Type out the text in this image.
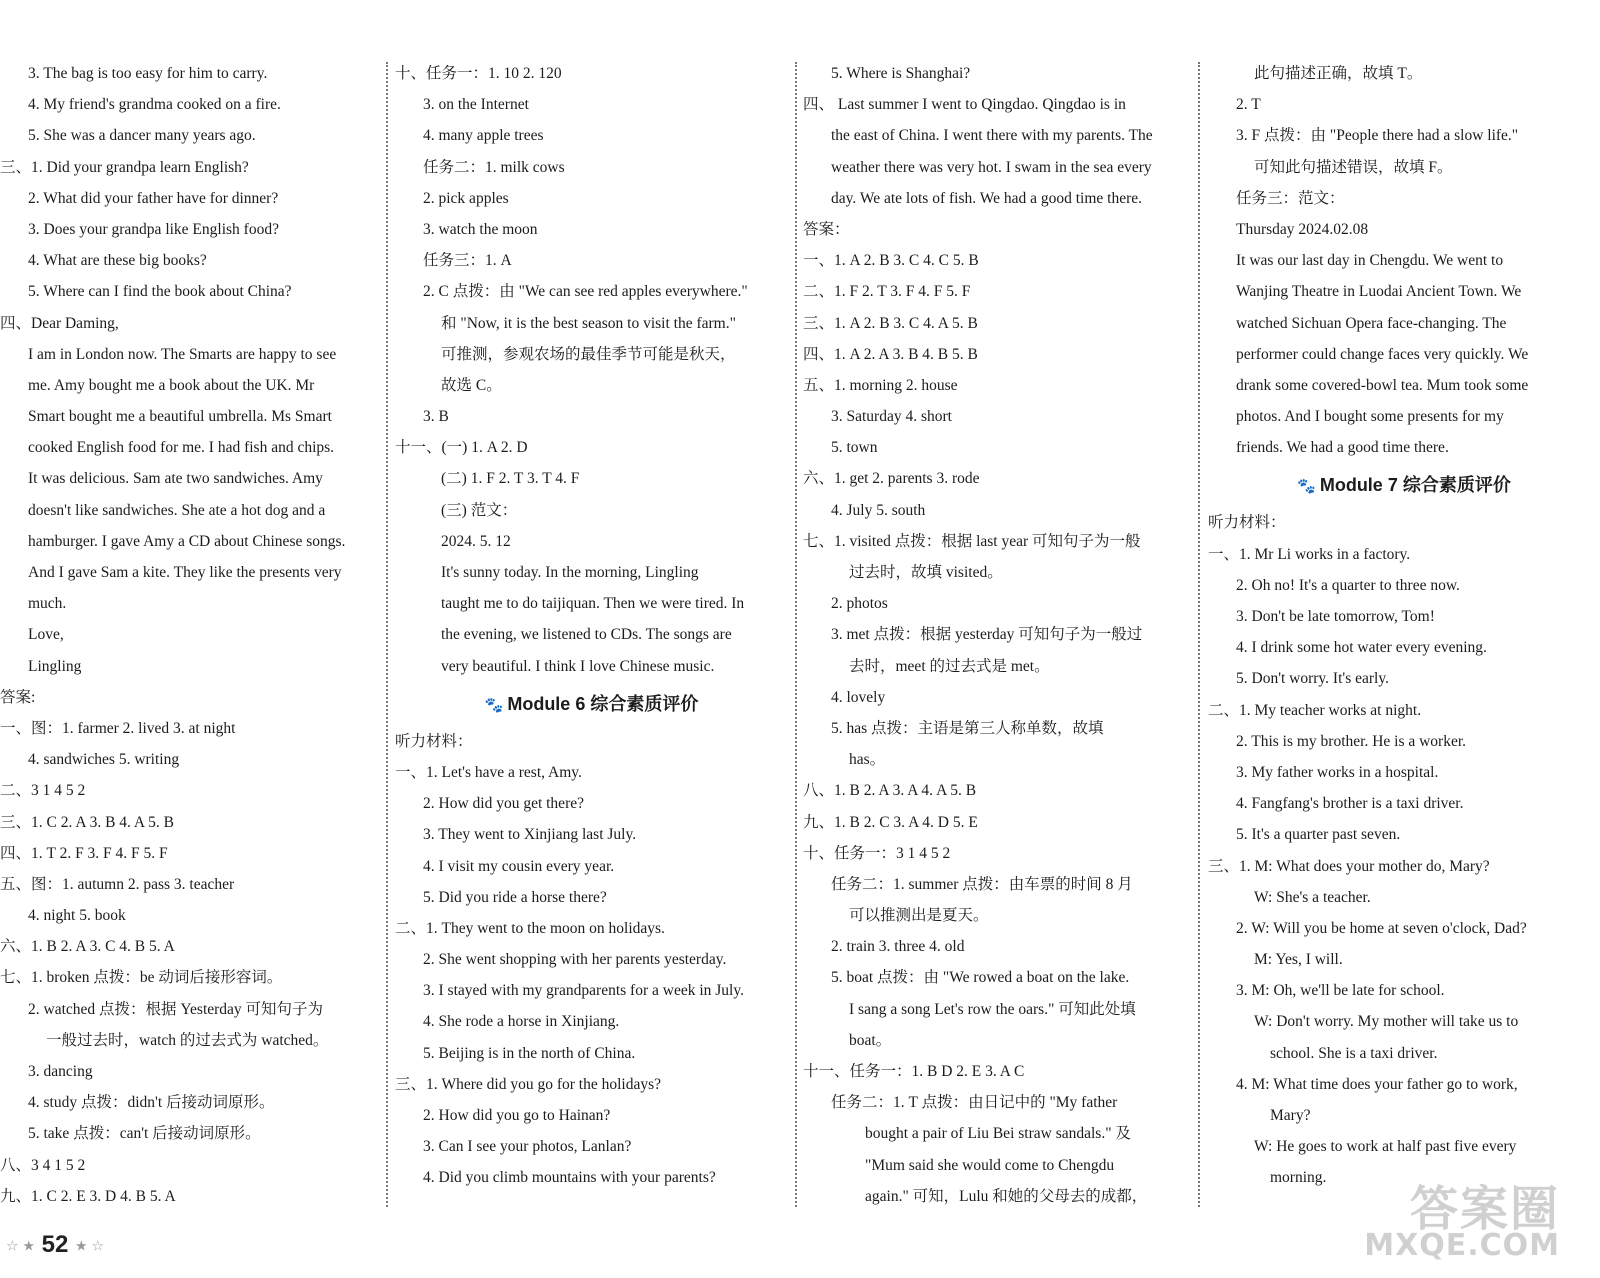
3. The bag is too easy for him to carry.
4. My friend's grandma cooked on a fire.
5. She was a dancer many years ago.
三、1. Did your grandpa learn English?
2. What did your father have for dinner?
3. Does your grandpa like English food?
4. What are these big books?
5. Where can I find the book about China?
四、Dear Daming,
I am in London now. The Smarts are happy to see
me. Amy bought me a book about the UK. Mr
Smart bought me a beautiful umbrella. Ms Smart
cooked English food for me. I had fish and chips.
It was delicious. Sam ate two sandwiches. Amy
doesn't like sandwiches. She ate a hot dog and a
hamburger. I gave Amy a CD about Chinese songs.
And I gave Sam a kite. They like the presents very
much.
Love,
Lingling
答案:
一、图：1. farmer 2. lived 3. at night
4. sandwiches 5. writing
二、3 1 4 5 2
三、1. C 2. A 3. B 4. A 5. B
四、1. T 2. F 3. F 4. F 5. F
五、图：1. autumn 2. pass 3. teacher
4. night 5. book
六、1. B 2. A 3. C 4. B 5. A
七、1. broken 点拨：be 动词后接形容词。
2. watched 点拨：根据 Yesterday 可知句子为
一般过去时，watch 的过去式为 watched。
3. dancing
4. study 点拨：didn't 后接动词原形。
5. take 点拨：can't 后接动词原形。
八、3 4 1 5 2
九、1. C 2. E 3. D 4. B 5. A
十、任务一：1. 10 2. 120
3. on the Internet
4. many apple trees
任务二：1. milk cows
2. pick apples
3. watch the moon
任务三：1. A
2. C 点拨：由 "We can see red apples everywhere."
和 "Now, it is the best season to visit the farm."
可推测，参观农场的最佳季节可能是秋天，
故选 C。
3. B
十一、(一) 1. A 2. D
(二) 1. F 2. T 3. T 4. F
(三) 范文：
2024. 5. 12
It's sunny today. In the morning, Lingling
taught me to do taijiquan. Then we were tired. In
the evening, we listened to CDs. The songs are
very beautiful. I think I love Chinese music.
🐾 Module 6 综合素质评价
听力材料：
一、1. Let's have a rest, Amy.
2. How did you get there?
3. They went to Xinjiang last July.
4. I visit my cousin every year.
5. Did you ride a horse there?
二、1. They went to the moon on holidays.
2. She went shopping with her parents yesterday.
3. I stayed with my grandparents for a week in July.
4. She rode a horse in Xinjiang.
5. Beijing is in the north of China.
三、1. Where did you go for the holidays?
2. How did you go to Hainan?
3. Can I see your photos, Lanlan?
4. Did you climb mountains with your parents?
5. Where is Shanghai?
四、 Last summer I went to Qingdao. Qingdao is in
the east of China. I went there with my parents. The
weather there was very hot. I swam in the sea every
day. We ate lots of fish. We had a good time there.
答案：
一、1. A 2. B 3. C 4. C 5. B
二、1. F 2. T 3. F 4. F 5. F
三、1. A 2. B 3. C 4. A 5. B
四、1. A 2. A 3. B 4. B 5. B
五、1. morning 2. house
3. Saturday 4. short
5. town
六、1. get 2. parents 3. rode
4. July 5. south
七、1. visited 点拨：根据 last year 可知句子为一般
过去时，故填 visited。
2. photos
3. met 点拨：根据 yesterday 可知句子为一般过
去时，meet 的过去式是 met。
4. lovely
5. has 点拨：主语是第三人称单数，故填
has。
八、1. B 2. A 3. A 4. A 5. B
九、1. B 2. C 3. A 4. D 5. E
十、任务一：3 1 4 5 2
任务二：1. summer 点拨：由车票的时间 8 月
可以推测出是夏天。
2. train 3. three 4. old
5. boat 点拨：由 "We rowed a boat on the lake.
I sang a song Let's row the oars." 可知此处填
boat。
十一、任务一：1. B D 2. E 3. A C
任务二：1. T 点拨：由日记中的 "My father
bought a pair of Liu Bei straw sandals." 及
"Mum said she would come to Chengdu
again." 可知，Lulu 和她的父母去的成都，
此句描述正确，故填 T。
2. T
3. F 点拨：由 "People there had a slow life."
可知此句描述错误，故填 F。
任务三：范文：
Thursday 2024.02.08
It was our last day in Chengdu. We went to
Wanjing Theatre in Luodai Ancient Town. We
watched Sichuan Opera face-changing. The
performer could change faces very quickly. We
drank some covered-bowl tea. Mum took some
photos. And I bought some presents for my
friends. We had a good time there.
🐾 Module 7 综合素质评价
听力材料：
一、1. Mr Li works in a factory.
2. Oh no! It's a quarter to three now.
3. Don't be late tomorrow, Tom!
4. I drink some hot water every evening.
5. Don't worry. It's early.
二、1. My teacher works at night.
2. This is my brother. He is a worker.
3. My father works in a hospital.
4. Fangfang's brother is a taxi driver.
5. It's a quarter past seven.
三、1. M: What does your mother do, Mary?
W: She's a teacher.
2. W: Will you be home at seven o'clock, Dad?
M: Yes, I will.
3. M: Oh, we'll be late for school.
W: Don't worry. My mother will take us to
school. She is a taxi driver.
4. M: What time does your father go to work,
Mary?
W: He goes to work at half past five every
morning.
☆ ★ 52 ★ ☆
答案圈
MXQE.COM
